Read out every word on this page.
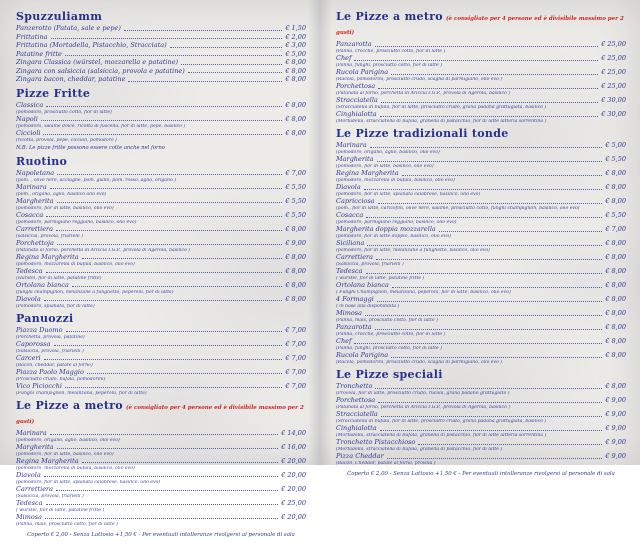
Spuzzuliamm
Panzerotto (Patata, sale e pepe)	€ 1,50
Frittatina	€ 2,00
Frittatina (Mortadella, Pistacchio, Stracciata)	€ 3,00
Patatine fritte	€ 5,00
Zingara Classica (würstel, mozzarella e patatine)	€ 8,00
Zingara con salsiccia (salsiccia, provola e patatine)	€ 8,00
Zingara bacon, cheddar, patatine	€ 8,00
Pizze Fritte
Classica	€ 8,00
(pomodoro, prosciutto cotto, fior di latte)
Napoli	€ 8,00
(pomodoro, salame dolce, ricotta di fuscella, fior di latte, pepe, basilico )
Ciccioli	€ 8,00
(ricotta, provola, pepe, ciccioli, pomodoro )
N.B. Le pizze fritte possono essere cotte anche nel forno
Ruotino
Napoletana	€ 7,00
(pom. , olive nere, acciughe, pom. giallo, pom. rosso, aglio, origano )
Marinara	€ 5,50
(pom., origano, aglio, basilico olio evo)
Margherita	€ 5,50
(pomodoro, fior di latte, basilico, olio evo)
Cosacca	€ 5,50
(pomodoro, parmigiano reggiano, basilico, olio evo)
Carrettiera	€ 8,00
(salsiccia, provola, friarielli )
Porchettoja	€ 9,00
(Patanata al forno, porchetta di Ariccia I.G.P., provola di Agerola, basilico )
Regina Margherita	€ 8,00
(pomodoro, mozzarella di bufala, basilico, olio evo)
Tedesca	€ 8,00
(würstel, fior di latte, patatine fritte)
Ortolana bianca	€ 8,00
(funghi champignon, melanzane a funghetto, peperoni, fior di latte)
Diavola	€ 8,00
(Pomodoro, spianata, fior di latte)
Panuozzi
Piazza Duomo	€ 7,00
(Porchetta, provola, patatine)
Caporossa	€ 7,00
(Salsiccia, provola, friarielli )
Carceri	€ 7,00
(Bacon, cheddar, patate al forno)
Piazza Paolo Maggio	€ 7,00
(Prosciutto crudo, bufala, pomodorini)
Vico Piciocchi	€ 7,00
(Funghi champignon, melanzana, peperoni, fior di latte)
Le Pizze a metro (è consigliato per 4 persone ed è divisibile massimo per 2 gusti)
Marinara	€ 14,00
(pomodoro, origano, aglio, basilico, olio evo)
Margherita	€ 16,00
(pomodoro, fior di latte, basilico, olio evo)
Regina Margherita	€ 20,00
(pomodoro, mozzarella di bufala, basilico, olio evo)
Diavola	€ 20,00
(pomodoro, fior di latte, spianata calabrese, basilico, olio evo)
Carrettiera	€ 20,00
(Salsiccia, provola, friarielli )
Tedesca	€ 25,00
( würstel, fior di latte, patatine fritte )
Mimosa	€ 20,00
(Panna, mais, prosciutto cotto, fior di latte )
Coperto € 2,00 - Senza Lattosio +1,50 € - Per eventuali intolleranze rivolgersi al personale di sala
Le Pizze a metro (è consigliato per 4 persone ed è divisibile massimo per 2 gusti)
Panzarotta	€ 25,00
(Panna, crocché, prosciutto cotto, fior di latte )
Chef	€ 25,00
(Panna, funghi, prosciutto cotto, fior di latte )
Rucola Parigina	€ 25,00
(Rucola, pomodorini, prosciutto crudo, scaglia di parmigiano, olio evo )
Porchettosa	€ 25,00
(Patanata al forno, porchetta di Ariccia I.G.P., provola di Agerola, basilico )
Stracciatella	€ 30,00
(Stracciatella di bufala, fior di latte, prosciutto crudo, grana padana grattugiata, basilico )
Cinghialotta	€ 30,00
(Mortadella, stracciatella di bufala, granella di pistacchio, fior di latte latteria sorrentina )
Le Pizze tradizionali tonde
Marinara	€ 5,00
(pomodoro, origano, aglio, basilico, olio evo)
Margherita	€ 5,50
(pomodoro, fior di latte, basilico, olio evo)
Regina Margherita	€ 8,00
(pomodoro, mozzarella di bufala, basilico, olio evo)
Diavola	€ 8,00
(pomodoro, fior di latte, spianata calabrese, basilico, olio evo)
Capricciosa	€ 8,00
(pom., fior di latte, carciofini, olive nere, salame, prosciutto cotto, funghi champignon, basilico, olio evo)
Cosacca	€ 5,50
(pomodoro, parmigiano reggiano, basilico, olio evo)
Margherita doppia mozzarella	€ 7,00
(pomodoro, fior di latte doppio, basilico, olio evo)
Siciliana	€ 8,00
(pomodoro, fior di latte, melanzane a funghetto, basilico, olio evo)
Carrettiera	€ 8,00
(Salsiccia, provola, friarielli )
Tedesca	€ 8,00
( würstel, fior di latte, patatine fritte )
Ortolana bianca	€ 8,00
( Funghi Champignon, melanzana, peperoni, fior di latte, basilico, olio evo)
4 Formaggi	€ 8,00
( in base alla disponibilità )
Mimosa	€ 8,00
(Panna, mais, prosciutto cotto, fior di latte )
Panzarotta	€ 8,00
(Panna, crocché, prosciutto cotto, fior di latte )
Chef	€ 8,00
(Panna, funghi, prosciutto cotto, fior di latte )
Rucola Parigina	€ 8,00
(Rucola, pomodorini, prosciutto crudo, scaglia di parmigiano, olio evo )
Le Pizze speciali
Tronchetto	€ 8,00
(Provola, fior di latte, prosciutto crudo, rucola, grana padano grattugiato )
Porchettosa	€ 9,00
(Patanata al forno, porchetta di Ariccia I.G.P., provola di Agerola, basilico )
Stracciatella	€ 9,00
(Stracciatella di bufala, fior di latte, prosciutto crudo, grana padana grattugiata, basilico )
Cinghialotta	€ 9,00
(Mortadella, stracciatella di bufala, granella di pistacchio, fior di latte latteria sorrentina )
Tronchetto Pistacchioso	€ 9,00
(Mortadella, stracciatella di bufala, granella di pistacchio, fior di latte )
Pizza Cheddar	€ 9,00
(Bacon, Cheddar, patate al forno, provola )
Coperto € 2,00 - Senza Lattosio +1,50 € - Per eventuali intolleranze rivolgersi al personale di sala
